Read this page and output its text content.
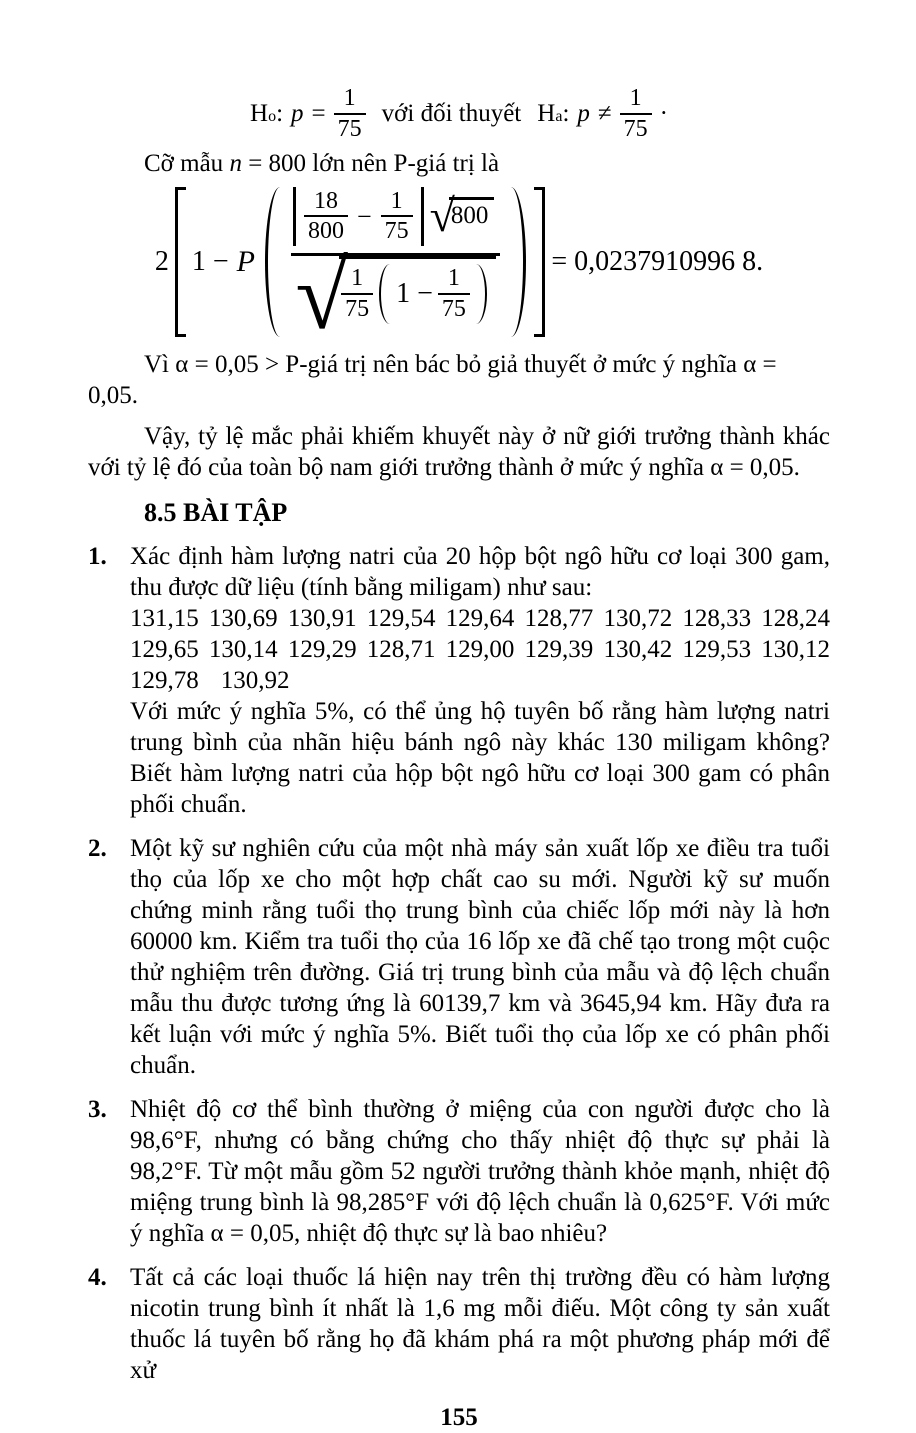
H o : $p = \frac{1}{75}$ với đối thuyết H a : $p \ne \frac{1}{75}$ ·

Cỡ mẫu n = 800 lớn nên P-giá trị là

2 1 − P
$\frac{18}{800} - \frac{1}{75}$ √
800
√
$\frac{1}{75} 1 - \frac{1}{75}$
= 0,0237910996 8.

Vì α = 0,05 > P-giá trị nên bác bỏ giả thuyết ở mức ý nghĩa α = 0,05.

Vậy, tỷ lệ mắc phải khiếm khuyết này ở nữ giới trưởng thành khác với tỷ lệ đó của toàn bộ nam giới trưởng thành ở mức ý nghĩa α = 0,05.

8.5 BÀI TẬP
1. Xác định hàm lượng natri của 20 hộp bột ngô hữu cơ loại 300 gam, thu được dữ liệu (tính bằng miligam) như sau:
131,15 130,69 130,91 129,54 129,64 128,77 130,72 128,33 128,24
129,65 130,14 129,29 128,71 129,00 129,39 130,42 129,53 130,12
129,78 130,92
Với mức ý nghĩa 5%, có thể ủng hộ tuyên bố rằng hàm lượng natri trung bình của nhãn hiệu bánh ngô này khác 130 miligam không? Biết hàm lượng natri của hộp bột ngô hữu cơ loại 300 gam có phân phối chuẩn.
2. Một kỹ sư nghiên cứu của một nhà máy sản xuất lốp xe điều tra tuổi thọ của lốp xe cho một hợp chất cao su mới. Người kỹ sư muốn chứng minh rằng tuổi thọ trung bình của chiếc lốp mới này là hơn 60000 km. Kiểm tra tuổi thọ của 16 lốp xe đã chế tạo trong một cuộc thử nghiệm trên đường. Giá trị trung bình của mẫu và độ lệch chuẩn mẫu thu được tương ứng là 60139,7 km và 3645,94 km. Hãy đưa ra kết luận với mức ý nghĩa 5%. Biết tuổi thọ của lốp xe có phân phối chuẩn.
3. Nhiệt độ cơ thể bình thường ở miệng của con người được cho là 98,6°F, nhưng có bằng chứng cho thấy nhiệt độ thực sự phải là 98,2°F. Từ một mẫu gồm 52 người trưởng thành khỏe mạnh, nhiệt độ miệng trung bình là 98,285°F với độ lệch chuẩn là 0,625°F. Với mức ý nghĩa α = 0,05, nhiệt độ thực sự là bao nhiêu?
4. Tất cả các loại thuốc lá hiện nay trên thị trường đều có hàm lượng nicotin trung bình ít nhất là 1,6 mg mỗi điếu. Một công ty sản xuất thuốc lá tuyên bố rằng họ đã khám phá ra một phương pháp mới để xử
155
